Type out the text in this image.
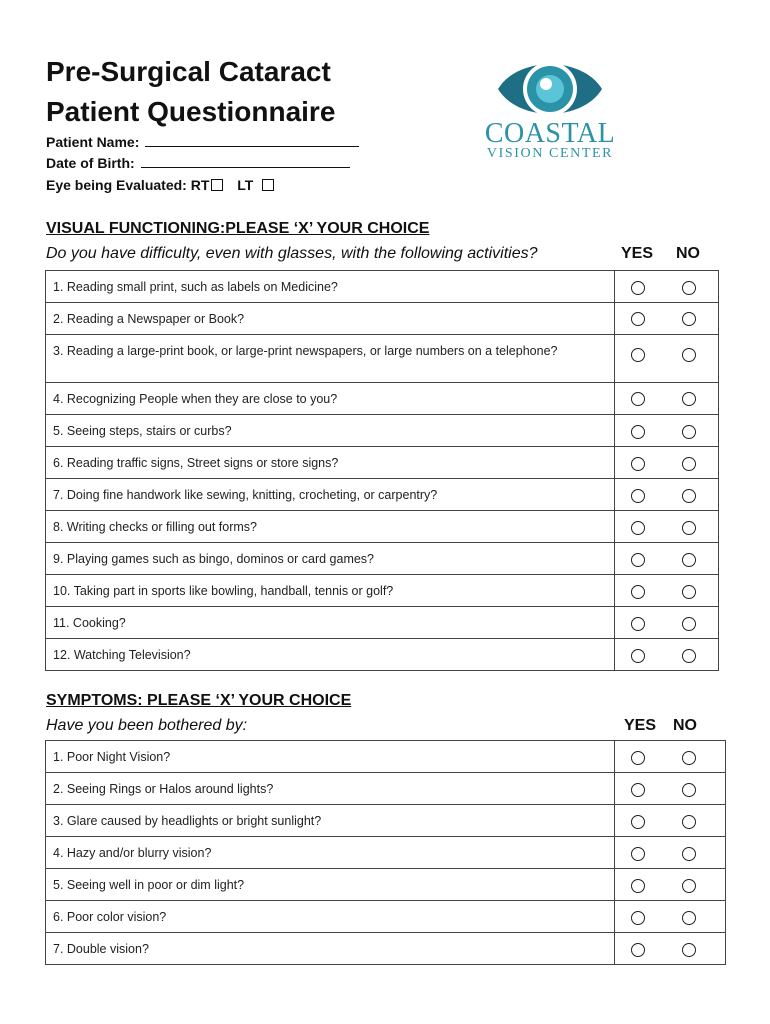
Pre-Surgical Cataract
Patient Questionnaire
COASTAL
VISION CENTER
Patient Name:
Date of Birth:
Eye being Evaluated: RT LT
VISUAL FUNCTIONING:PLEASE ‘X’ YOUR CHOICE
Do you have difficulty, even with glasses, with the following activities?	YES NO
1. Reading small print, such as labels on Medicine?
2. Reading a Newspaper or Book?
3. Reading a large-print book, or large-print newspapers, or large numbers on a telephone?
4. Recognizing People when they are close to you?
5. Seeing steps, stairs or curbs?
6. Reading traffic signs, Street signs or store signs?
7. Doing fine handwork like sewing, knitting, crocheting, or carpentry?
8. Writing checks or filling out forms?
9. Playing games such as bingo, dominos or card games?
10. Taking part in sports like bowling, handball, tennis or golf?
11. Cooking?
12. Watching Television?
SYMPTOMS: PLEASE ‘X’ YOUR CHOICE
Have you been bothered by:	YES NO
1. Poor Night Vision?
2. Seeing Rings or Halos around lights?
3. Glare caused by headlights or bright sunlight?
4. Hazy and/or blurry vision?
5. Seeing well in poor or dim light?
6. Poor color vision?
7. Double vision?
